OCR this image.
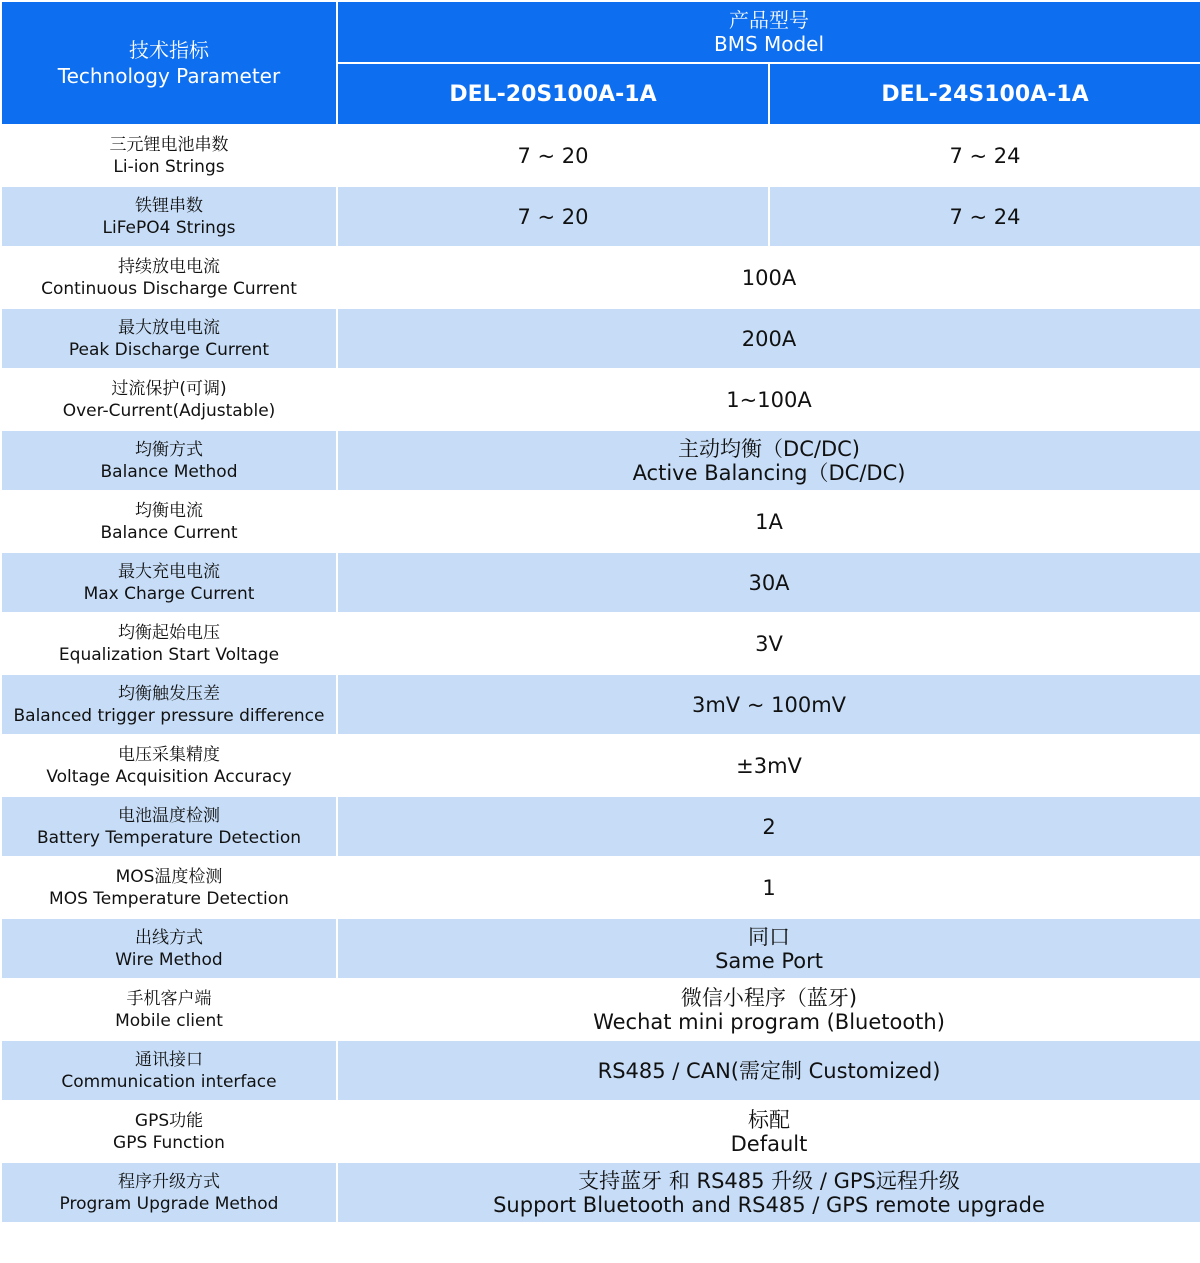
技术指标
Technology Parameter	产品型号
BMS Model	

	DEL-20S100A-1A	DEL-24S100A-1A

三元锂电池串数
Li-ion Strings	7 ~ 20	7 ~ 24

铁锂串数
LiFePO4 Strings	7 ~ 20	7 ~ 24

持续放电电流
Continuous Discharge Current	100A	

最大放电电流
Peak Discharge Current	200A	

过流保护(可调)
Over-Current(Adjustable)	1~100A	

均衡方式
Balance Method	主动均衡（DC/DC)
Active Balancing（DC/DC)	

均衡电流
Balance Current	1A	

最大充电电流
Max Charge Current	30A	

均衡起始电压
Equalization Start Voltage	3V	

均衡触发压差
Balanced trigger pressure difference	3mV ~ 100mV	

电压采集精度
Voltage Acquisition Accuracy	±3mV	

电池温度检测
Battery Temperature Detection	2	

MOS温度检测
MOS Temperature Detection	1	

出线方式
Wire Method	同口
Same Port	

手机客户端
Mobile client	微信小程序（蓝牙)
Wechat mini program (Bluetooth)	

通讯接口
Communication interface	RS485 / CAN(需定制 Customized)	

GPS功能
GPS Function	标配
Default	

程序升级方式
Program Upgrade Method	支持蓝牙 和 RS485 升级 / GPS远程升级
Support Bluetooth and RS485 / GPS remote upgrade	
